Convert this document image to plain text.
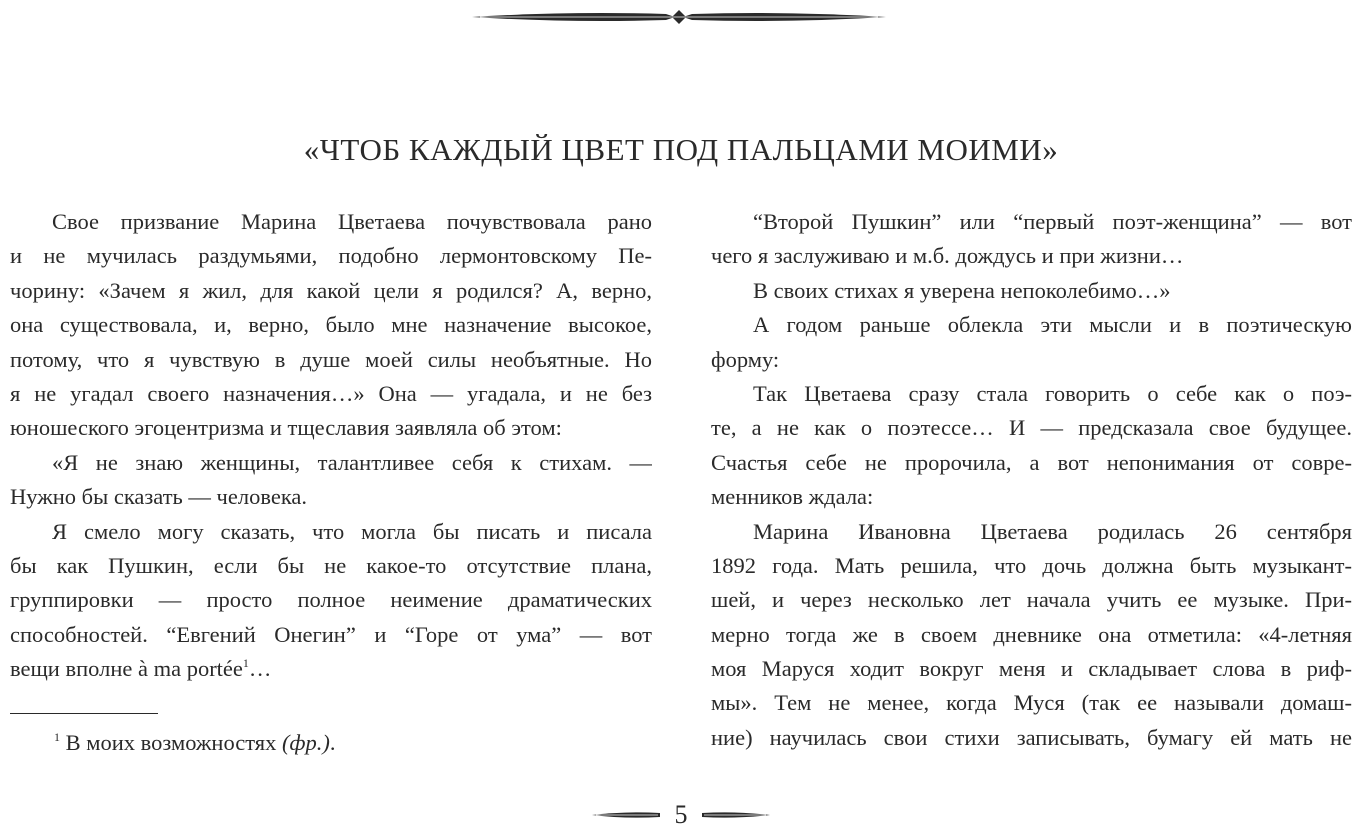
«ЧТОБ КАЖДЫЙ ЦВЕТ ПОД ПАЛЬЦАМИ МОИМИ»
Свое призвание Марина Цветаева почувствовала рано
и не мучилась раздумьями, подобно лермонтовскому Пе-
чорину: «Зачем я жил, для какой цели я родился? А, верно,
она существовала, и, верно, было мне назначение высокое,
потому, что я чувствую в душе моей силы необъятные. Но
я не угадал своего назначения…» Она — угадала, и не без
юношеского эгоцентризма и тщеславия заявляла об этом:
«Я не знаю женщины, талантливее себя к стихам. —
Нужно бы сказать — человека.
Я смело могу сказать, что могла бы писать и писала
бы как Пушкин, если бы не какое-то отсутствие плана,
группировки — просто полное неимение драматических
способностей. “Евгений Онегин” и “Горе от ума” — вот
вещи вполне à ma portée$^1$…
$^1$ В моих возможностях (фр.).
“Второй Пушкин” или “первый поэт-женщина” — вот
чего я заслуживаю и м.б. дождусь и при жизни…
В своих стихах я уверена непоколебимо…»
А годом раньше облекла эти мысли и в поэтическую
форму:
Так Цветаева сразу стала говорить о себе как о поэ-
те, а не как о поэтессе… И — предсказала свое будущее.
Счастья себе не пророчила, а вот непонимания от совре-
менников ждала:
Марина Ивановна Цветаева родилась 26 сентября
1892 года. Мать решила, что дочь должна быть музыкант-
шей, и через несколько лет начала учить ее музыке. При-
мерно тогда же в своем дневнике она отметила: «4-летняя
моя Маруся ходит вокруг меня и складывает слова в риф-
мы». Тем не менее, когда Муся (так ее называли домаш-
ние) научилась свои стихи записывать, бумагу ей мать не
5
